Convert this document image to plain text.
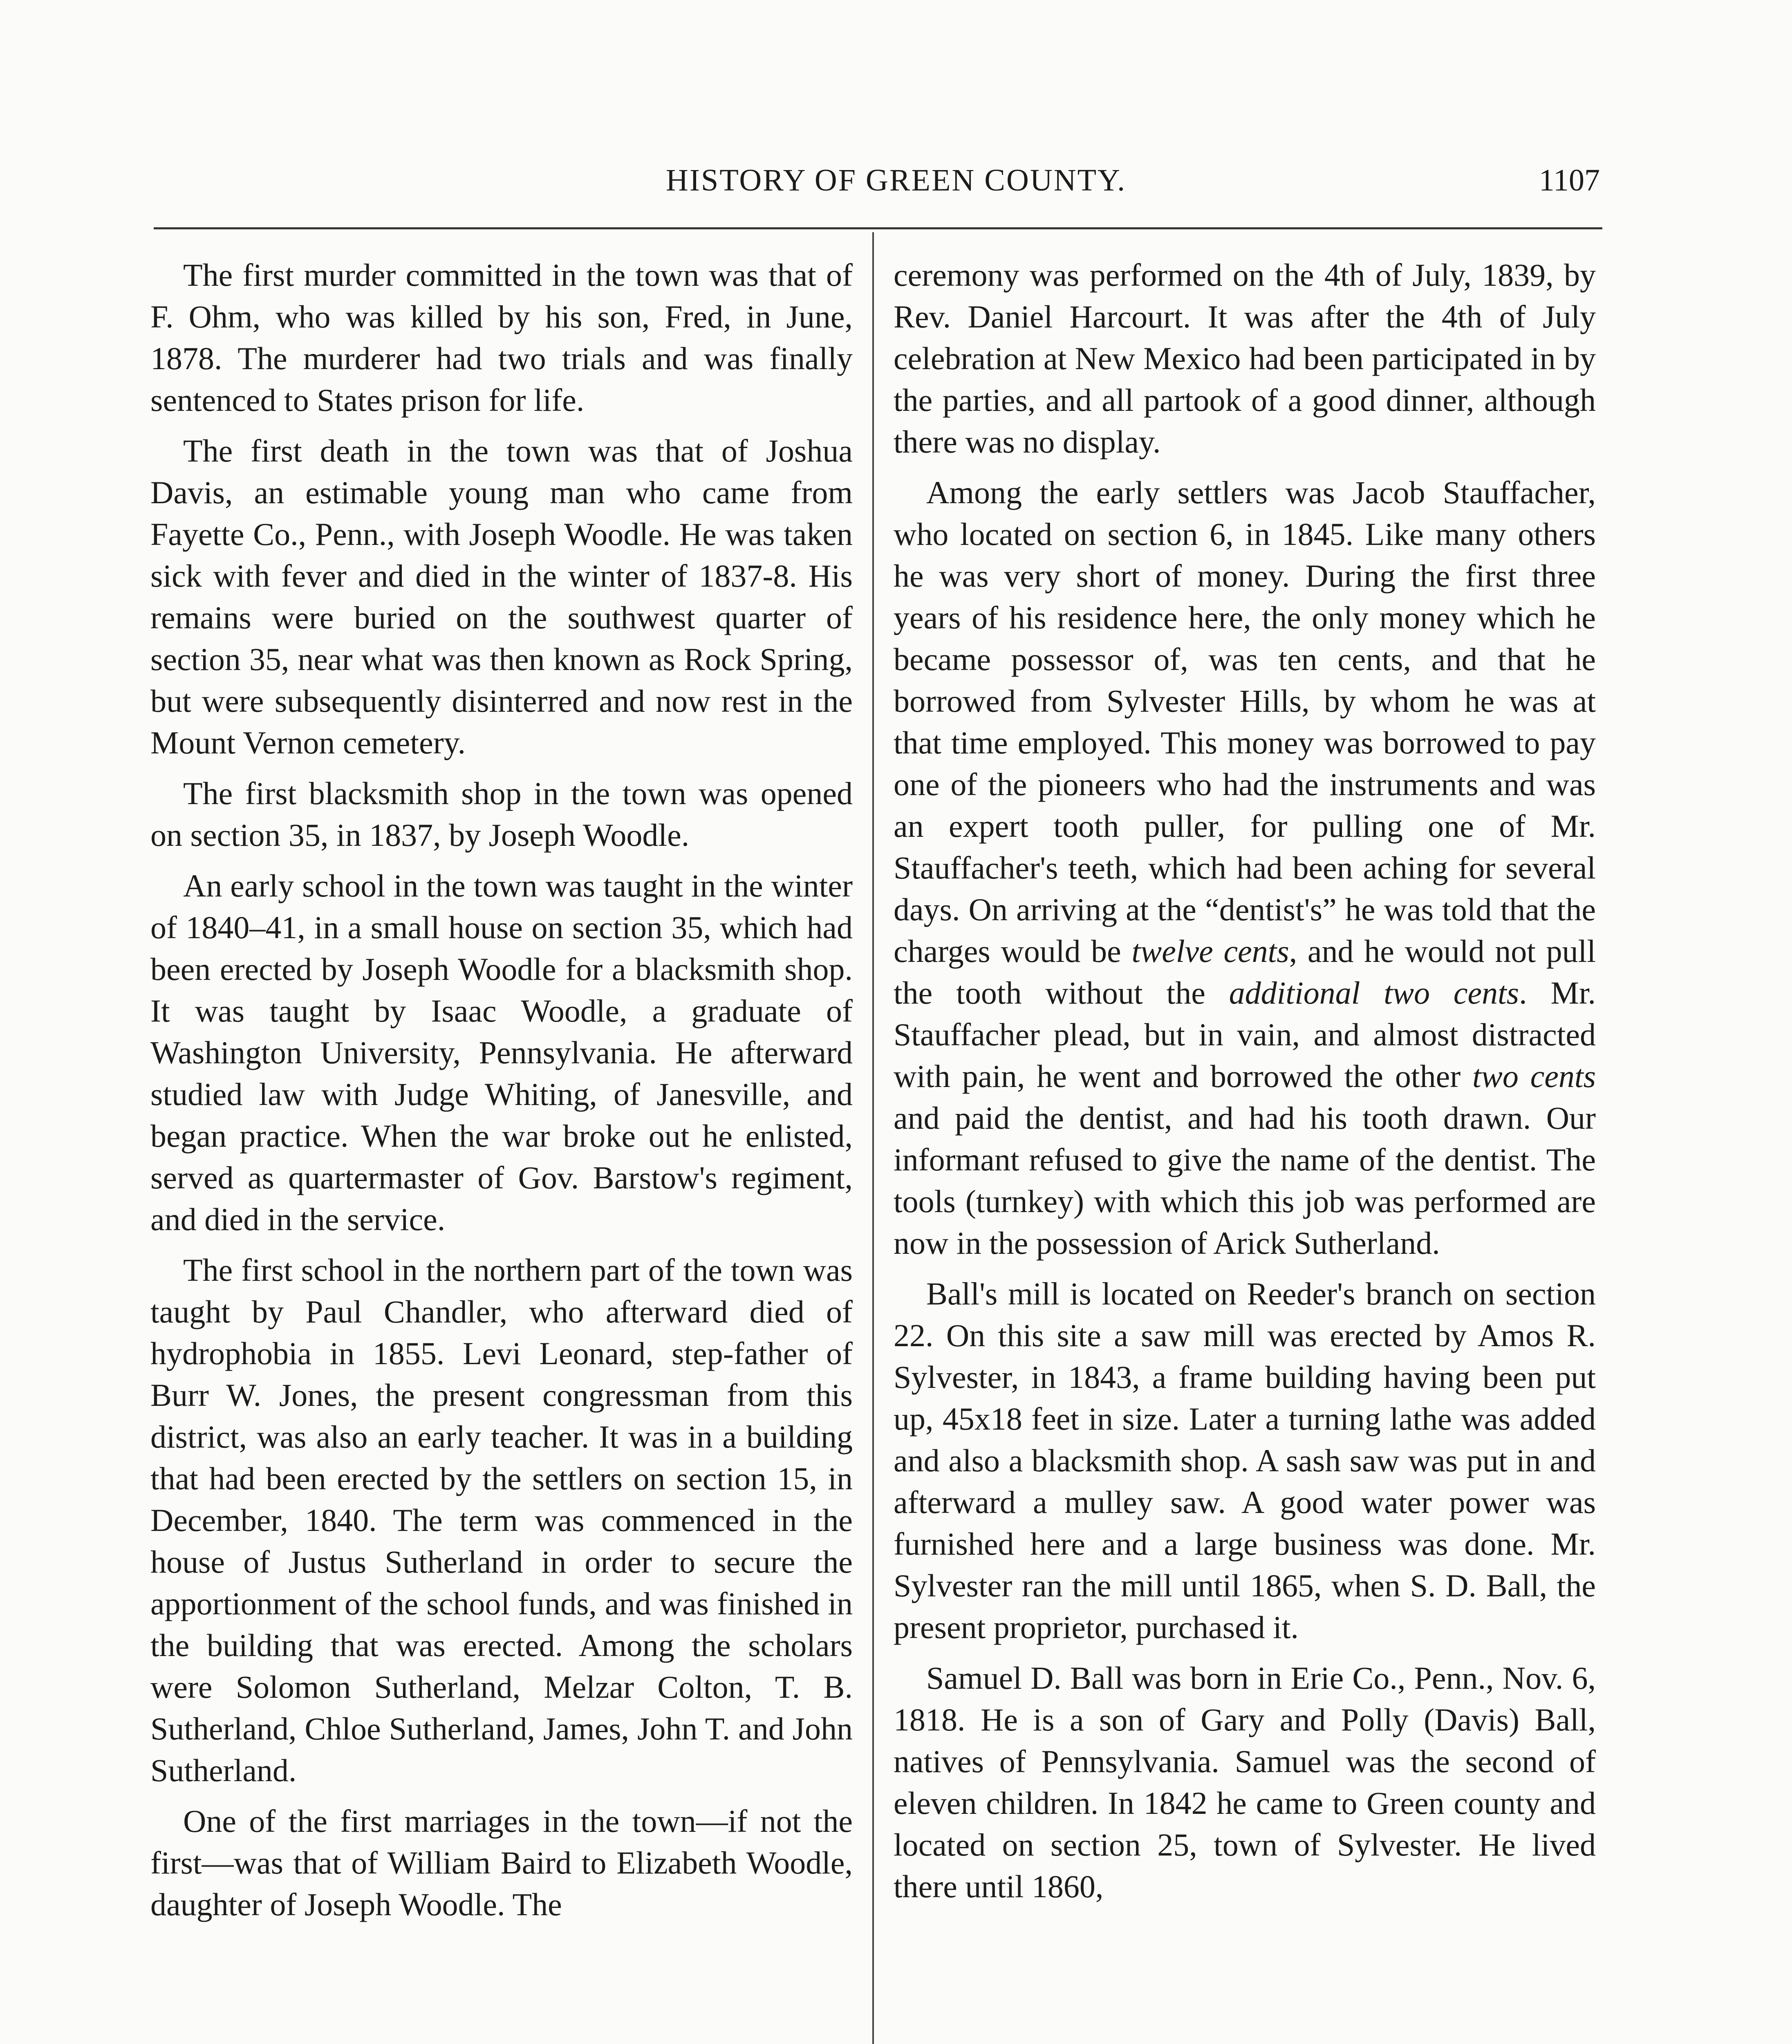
HISTORY OF GREEN COUNTY.	1107

The first murder committed in the town was that of F. Ohm, who was killed by his son, Fred, in June, 1878. The murderer had two trials and was finally sentenced to States prison for life.

The first death in the town was that of Joshua Davis, an estimable young man who came from Fayette Co., Penn., with Joseph Woodle. He was taken sick with fever and died in the winter of 1837-8. His remains were buried on the southwest quarter of section 35, near what was then known as Rock Spring, but were subsequently disinterred and now rest in the Mount Vernon cemetery.

The first blacksmith shop in the town was opened on section 35, in 1837, by Joseph Woodle.

An early school in the town was taught in the winter of 1840–41, in a small house on section 35, which had been erected by Joseph Woodle for a blacksmith shop. It was taught by Isaac Woodle, a graduate of Washington University, Pennsylvania. He afterward studied law with Judge Whiting, of Janesville, and began practice. When the war broke out he enlisted, served as quartermaster of Gov. Barstow's regiment, and died in the service.

The first school in the northern part of the town was taught by Paul Chandler, who afterward died of hydrophobia in 1855. Levi Leonard, step-father of Burr W. Jones, the present congressman from this district, was also an early teacher. It was in a building that had been erected by the settlers on section 15, in December, 1840. The term was commenced in the house of Justus Sutherland in order to secure the apportionment of the school funds, and was finished in the building that was erected. Among the scholars were Solomon Sutherland, Melzar Colton, T. B. Sutherland, Chloe Sutherland, James, John T. and John Sutherland.

One of the first marriages in the town—if not the first—was that of William Baird to Elizabeth Woodle, daughter of Joseph Woodle. The

ceremony was performed on the 4th of July, 1839, by Rev. Daniel Harcourt. It was after the 4th of July celebration at New Mexico had been participated in by the parties, and all partook of a good dinner, although there was no display.

Among the early settlers was Jacob Stauffacher, who located on section 6, in 1845. Like many others he was very short of money. During the first three years of his residence here, the only money which he became possessor of, was ten cents, and that he borrowed from Sylvester Hills, by whom he was at that time employed. This money was borrowed to pay one of the pioneers who had the instruments and was an expert tooth puller, for pulling one of Mr. Stauffacher's teeth, which had been aching for several days. On arriving at the “dentist's” he was told that the charges would be twelve cents, and he would not pull the tooth without the additional two cents. Mr. Stauffacher plead, but in vain, and almost distracted with pain, he went and borrowed the other two cents and paid the dentist, and had his tooth drawn. Our informant refused to give the name of the dentist. The tools (turnkey) with which this job was performed are now in the possession of Arick Sutherland.

Ball's mill is located on Reeder's branch on section 22. On this site a saw mill was erected by Amos R. Sylvester, in 1843, a frame building having been put up, 45x18 feet in size. Later a turning lathe was added and also a blacksmith shop. A sash saw was put in and afterward a mulley saw. A good water power was furnished here and a large business was done. Mr. Sylvester ran the mill until 1865, when S. D. Ball, the present proprietor, purchased it.

Samuel D. Ball was born in Erie Co., Penn., Nov. 6, 1818. He is a son of Gary and Polly (Davis) Ball, natives of Pennsylvania. Samuel was the second of eleven children. In 1842 he came to Green county and located on section 25, town of Sylvester. He lived there until 1860,
